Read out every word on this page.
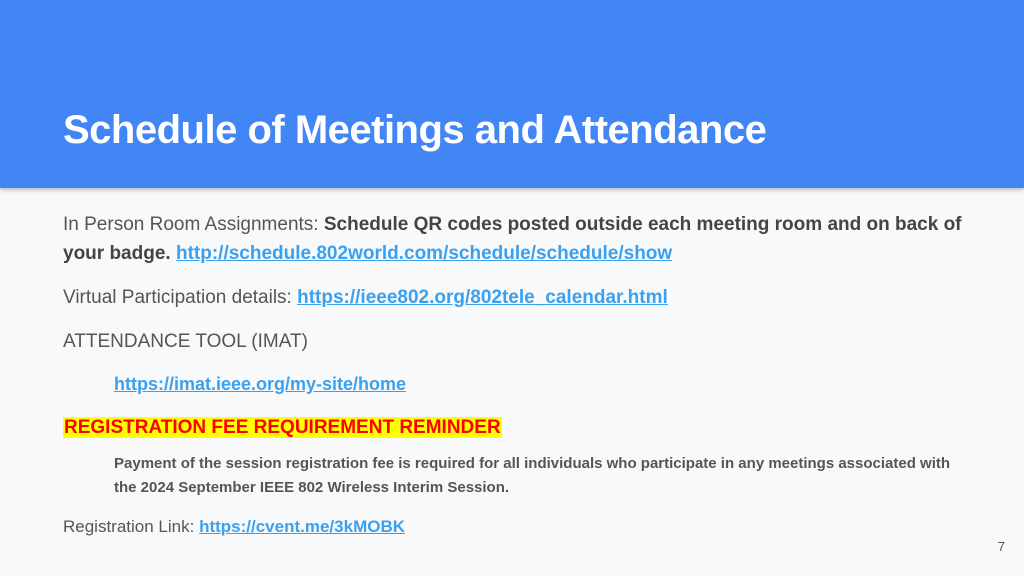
Schedule of Meetings and Attendance

In Person Room Assignments: Schedule QR codes posted outside each meeting room and on back of your badge. http://schedule.802world.com/schedule/schedule/show

Virtual Participation details: https://ieee802.org/802tele_calendar.html

ATTENDANCE TOOL (IMAT)

https://imat.ieee.org/my-site/home

REGISTRATION FEE REQUIREMENT REMINDER

Payment of the session registration fee is required for all individuals who participate in any meetings associated with the 2024 September IEEE 802 Wireless Interim Session.

Registration Link: https://cvent.me/3kMOBK

7
